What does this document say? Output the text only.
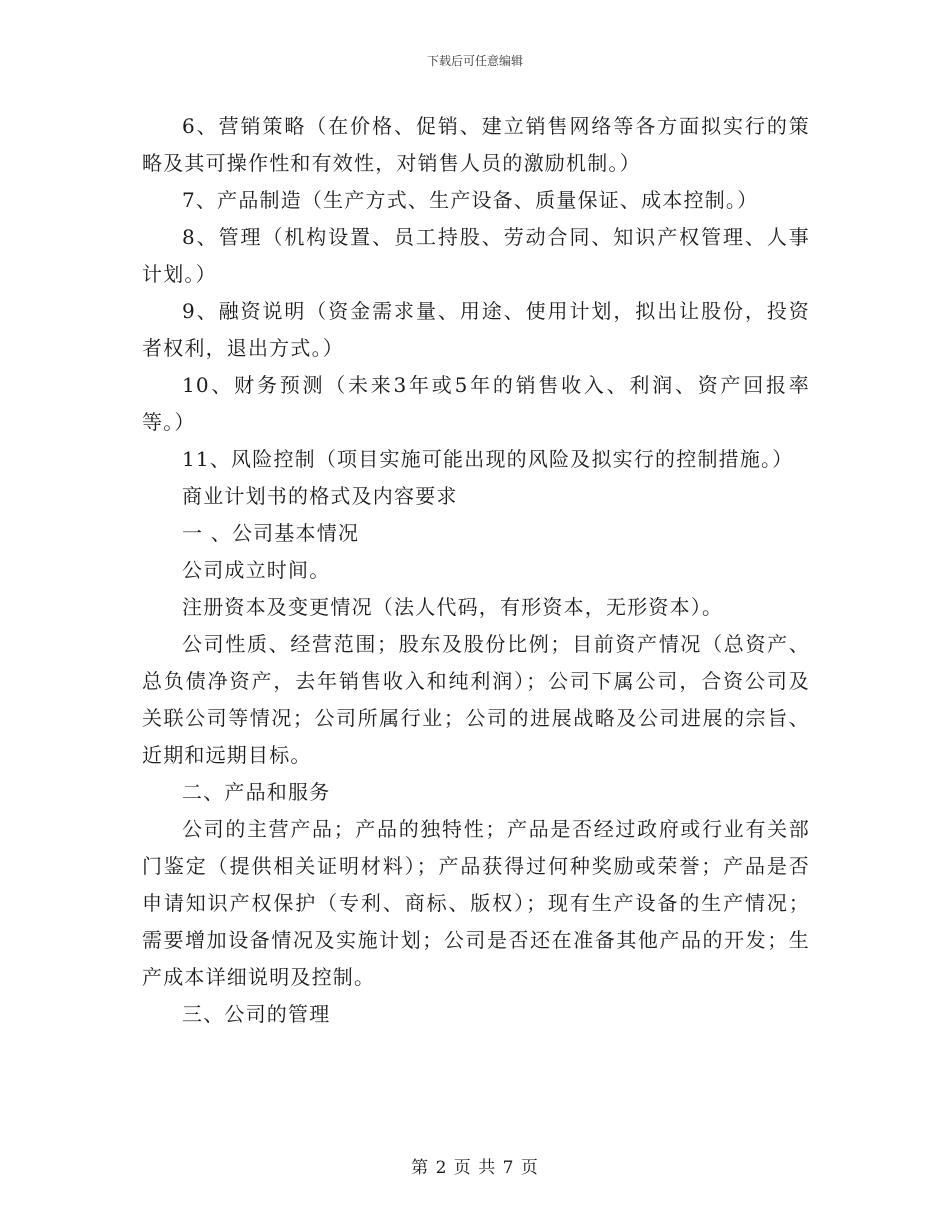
下载后可任意编辑

6、营销策略（在价格、促销、建立销售网络等各方面拟实行的策略及其可操作性和有效性，对销售人员的激励机制。）

7、产品制造（生产方式、生产设备、质量保证、成本控制。）

8、管理（机构设置、员工持股、劳动合同、知识产权管理、人事计划。）

9、融资说明（资金需求量、用途、使用计划，拟出让股份，投资者权利，退出方式。）

10、财务预测（未来3年或5年的销售收入、利润、资产回报率等。）

11、风险控制（项目实施可能出现的风险及拟实行的控制措施。）

商业计划书的格式及内容要求

一 、公司基本情况

公司成立时间。

注册资本及变更情况（法人代码，有形资本，无形资本）。

公司性质、经营范围；股东及股份比例；目前资产情况（总资产、总负债净资产，去年销售收入和纯利润）；公司下属公司，合资公司及关联公司等情况；公司所属行业；公司的进展战略及公司进展的宗旨、近期和远期目标。

二、产品和服务

公司的主营产品；产品的独特性；产品是否经过政府或行业有关部门鉴定（提供相关证明材料）；产品获得过何种奖励或荣誉；产品是否申请知识产权保护（专利、商标、版权）；现有生产设备的生产情况；需要增加设备情况及实施计划；公司是否还在准备其他产品的开发；生产成本详细说明及控制。

三、公司的管理

第 2 页 共 7 页
